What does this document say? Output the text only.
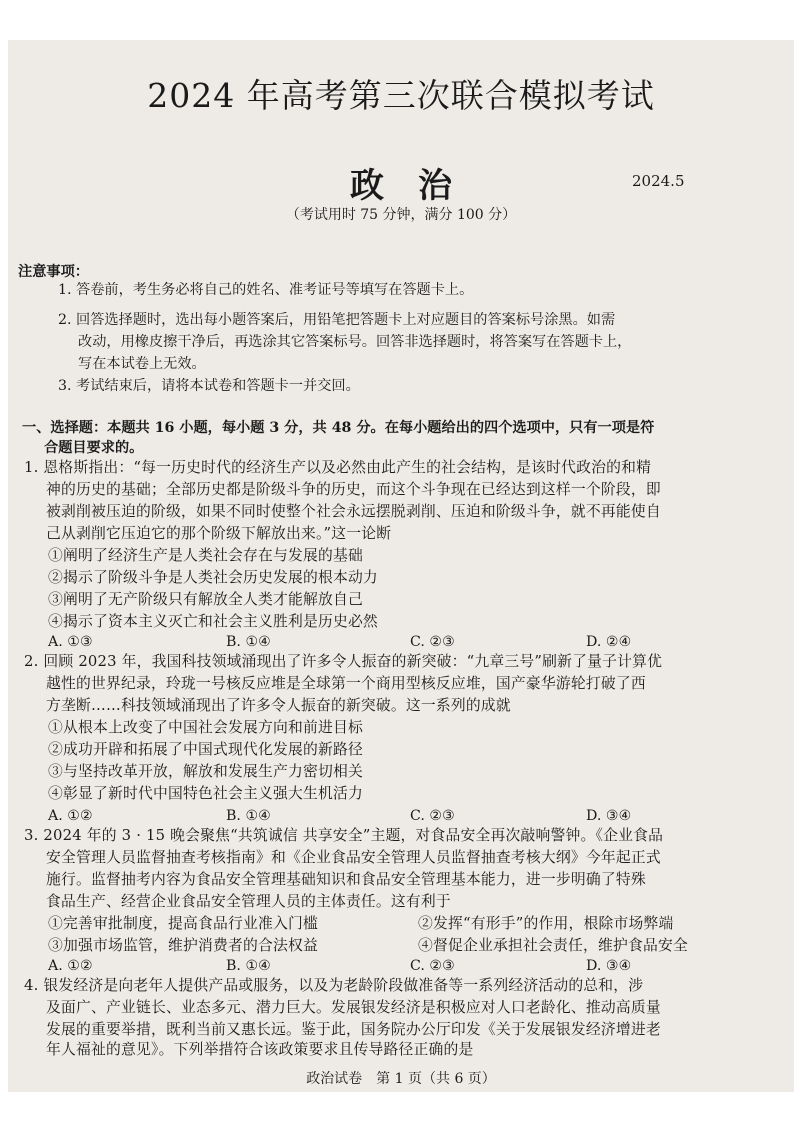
2024 年高考第三次联合模拟考试
政治	2024.5
（考试用时 75 分钟，满分 100 分）
注意事项：
1. 答卷前，考生务必将自己的姓名、准考证号等填写在答题卡上。
2. 回答选择题时，选出每小题答案后，用铅笔把答题卡上对应题目的答案标号涂黑。如需
改动，用橡皮擦干净后，再选涂其它答案标号。回答非选择题时，将答案写在答题卡上，
写在本试卷上无效。
3. 考试结束后，请将本试卷和答题卡一并交回。
一、选择题：本题共 16 小题，每小题 3 分，共 48 分。在每小题给出的四个选项中，只有一项是符
合题目要求的。
1. 恩格斯指出：“每一历史时代的经济生产以及必然由此产生的社会结构，是该时代政治的和精
神的历史的基础；全部历史都是阶级斗争的历史，而这个斗争现在已经达到这样一个阶段，即
被剥削被压迫的阶级，如果不同时使整个社会永远摆脱剥削、压迫和阶级斗争，就不再能使自
己从剥削它压迫它的那个阶级下解放出来。”这一论断
①阐明了经济生产是人类社会存在与发展的基础
②揭示了阶级斗争是人类社会历史发展的根本动力
③阐明了无产阶级只有解放全人类才能解放自己
④揭示了资本主义灭亡和社会主义胜利是历史必然
A. ①③	B. ①④	C. ②③	D. ②④
2. 回顾 2023 年，我国科技领域涌现出了许多令人振奋的新突破：“九章三号”刷新了量子计算优
越性的世界纪录，玲珑一号核反应堆是全球第一个商用型核反应堆，国产豪华游轮打破了西
方垄断……科技领域涌现出了许多令人振奋的新突破。这一系列的成就
①从根本上改变了中国社会发展方向和前进目标
②成功开辟和拓展了中国式现代化发展的新路径
③与坚持改革开放，解放和发展生产力密切相关
④彰显了新时代中国特色社会主义强大生机活力
A. ①②	B. ①④	C. ②③	D. ③④
3. 2024 年的 3 · 15 晚会聚焦“共筑诚信 共享安全”主题，对食品安全再次敲响警钟。《企业食品
安全管理人员监督抽查考核指南》和《企业食品安全管理人员监督抽查考核大纲》今年起正式
施行。监督抽考内容为食品安全管理基础知识和食品安全管理基本能力，进一步明确了特殊
食品生产、经营企业食品安全管理人员的主体责任。这有利于
①完善审批制度，提高食品行业准入门槛	②发挥“有形手”的作用，根除市场弊端
③加强市场监管，维护消费者的合法权益	④督促企业承担社会责任，维护食品安全
A. ①②	B. ①④	C. ②③	D. ③④
4. 银发经济是向老年人提供产品或服务，以及为老龄阶段做准备等一系列经济活动的总和，涉
及面广、产业链长、业态多元、潜力巨大。发展银发经济是积极应对人口老龄化、推动高质量
发展的重要举措，既利当前又惠长远。鉴于此，国务院办公厅印发《关于发展银发经济增进老
政治试卷　第 1 页（共 6 页）
年人福祉的意见》。下列举措符合该政策要求且传导路径正确的是
